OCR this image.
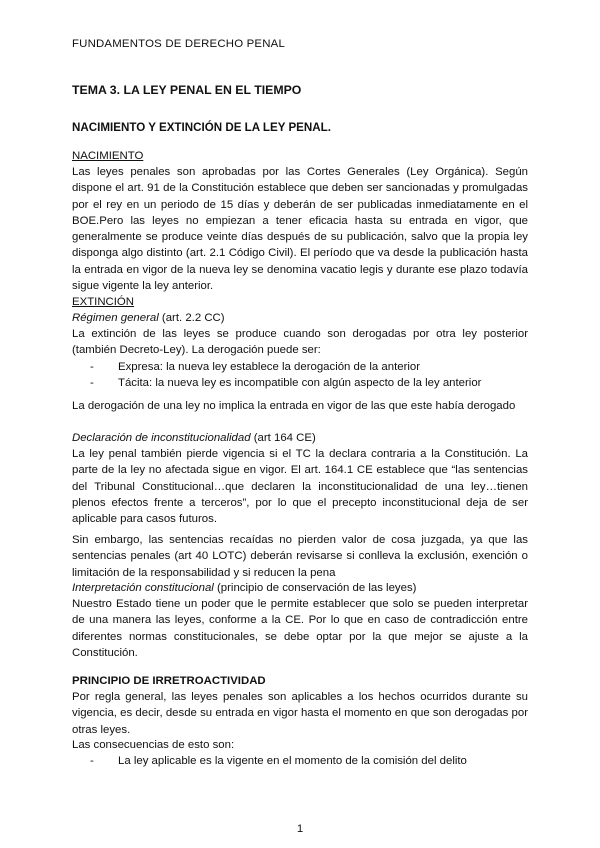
FUNDAMENTOS DE DERECHO PENAL
TEMA 3. LA LEY PENAL EN EL TIEMPO
NACIMIENTO Y EXTINCIÓN DE LA LEY PENAL.
NACIMIENTO
Las leyes penales son aprobadas por las Cortes Generales (Ley Orgánica). Según dispone el art. 91 de la Constitución establece que deben ser sancionadas y promulgadas por el rey en un periodo de 15 días y deberán de ser publicadas inmediatamente en el BOE.Pero las leyes no empiezan a tener eficacia hasta su entrada en vigor, que generalmente se produce veinte días después de su publicación, salvo que la propia ley disponga algo distinto (art. 2.1 Código Civil). El período que va desde la publicación hasta la entrada en vigor de la nueva ley se denomina vacatio legis y durante ese plazo todavía sigue vigente la ley anterior.
EXTINCIÓN
Régimen general (art. 2.2 CC)
La extinción de las leyes se produce cuando son derogadas por otra ley posterior (también Decreto-Ley). La derogación puede ser:
- Expresa: la nueva ley establece la derogación de la anterior
- Tácita: la nueva ley es incompatible con algún aspecto de la ley anterior
La derogación de una ley no implica la entrada en vigor de las que este había derogado
Declaración de inconstitucionalidad (art 164 CE)
La ley penal también pierde vigencia si el TC la declara contraria a la Constitución. La parte de la ley no afectada sigue en vigor. El art. 164.1 CE establece que “las sentencias del Tribunal Constitucional…que declaren la inconstitucionalidad de una ley…tienen plenos efectos frente a terceros”, por lo que el precepto inconstitucional deja de ser aplicable para casos futuros.
Sin embargo, las sentencias recaídas no pierden valor de cosa juzgada, ya que las sentencias penales (art 40 LOTC) deberán revisarse si conlleva la exclusión, exención o limitación de la responsabilidad y si reducen la pena
Interpretación constitucional (principio de conservación de las leyes)
Nuestro Estado tiene un poder que le permite establecer que solo se pueden interpretar de una manera las leyes, conforme a la CE. Por lo que en caso de contradicción entre diferentes normas constitucionales, se debe optar por la que mejor se ajuste a la Constitución.
PRINCIPIO DE IRRETROACTIVIDAD
Por regla general, las leyes penales son aplicables a los hechos ocurridos durante su vigencia, es decir, desde su entrada en vigor hasta el momento en que son derogadas por otras leyes.
Las consecuencias de esto son:
- La ley aplicable es la vigente en el momento de la comisión del delito
1
